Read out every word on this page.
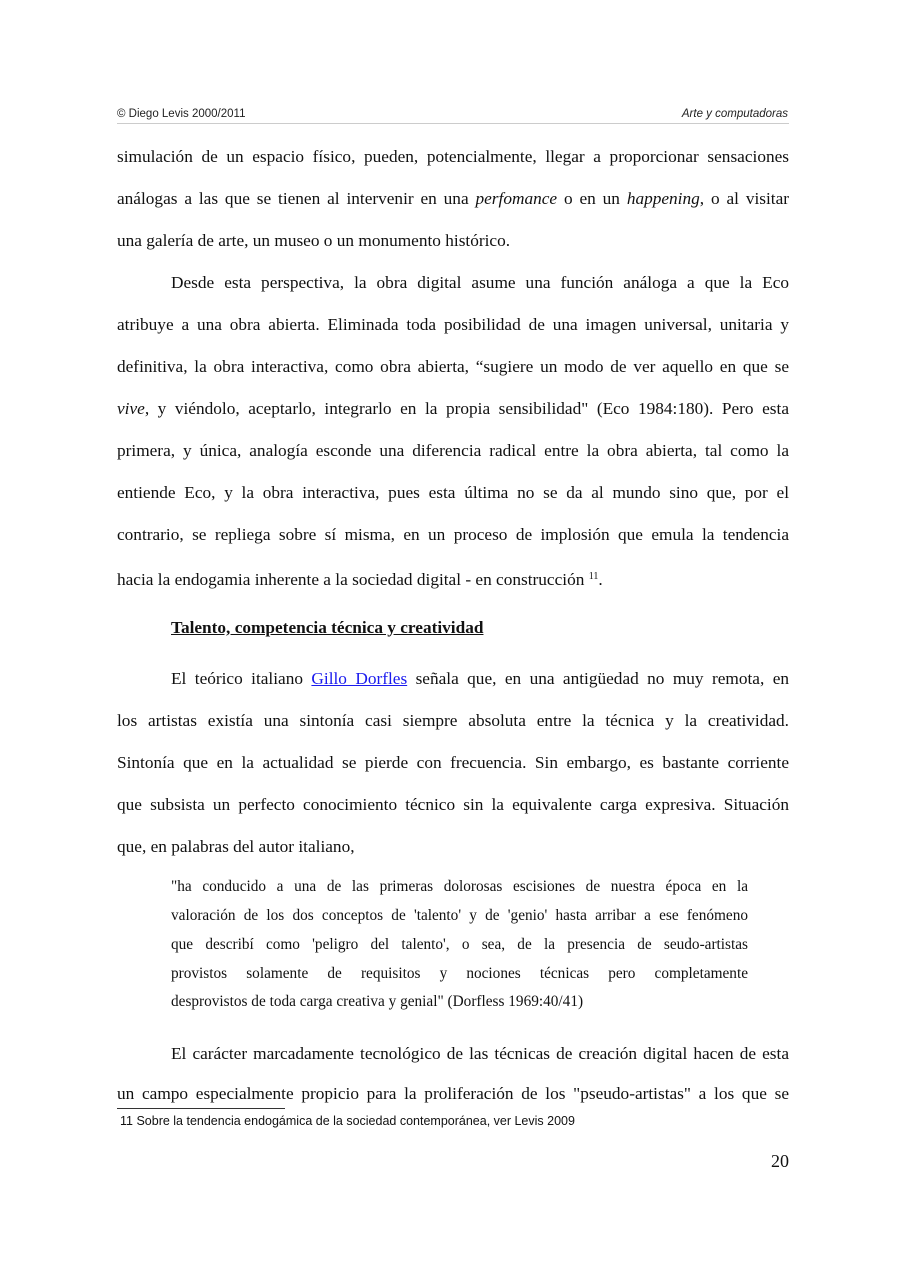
© Diego Levis 2000/2011	Arte y computadoras
simulación de un espacio físico, pueden, potencialmente, llegar a proporcionar sensaciones
análogas a las que se tienen al intervenir en una perfomance o en un happening, o al visitar
una galería de arte, un museo o un monumento histórico.
Desde esta perspectiva, la obra digital asume una función análoga a que la Eco
atribuye a una obra abierta. Eliminada toda posibilidad de una imagen universal, unitaria y
definitiva, la obra interactiva, como obra abierta, “sugiere un modo de ver aquello en que se
vive, y viéndolo, aceptarlo, integrarlo en la propia sensibilidad" (Eco 1984:180). Pero esta
primera, y única, analogía esconde una diferencia radical entre la obra abierta, tal como la
entiende Eco, y la obra interactiva, pues esta última no se da al mundo sino que, por el
contrario, se repliega sobre sí misma, en un proceso de implosión que emula la tendencia
hacia la endogamia inherente a la sociedad digital - en construcción $^{11}$.
Talento, competencia técnica y creatividad
El teórico italiano Gillo Dorfles señala que, en una antigüedad no muy remota, en
los artistas existía una sintonía casi siempre absoluta entre la técnica y la creatividad.
Sintonía que en la actualidad se pierde con frecuencia. Sin embargo, es bastante corriente
que subsista un perfecto conocimiento técnico sin la equivalente carga expresiva. Situación
que, en palabras del autor italiano,
"ha conducido a una de las primeras dolorosas escisiones de nuestra época en la
valoración de los dos conceptos de 'talento' y de 'genio' hasta arribar a ese fenómeno
que describí como 'peligro del talento', o sea, de la presencia de seudo-artistas
provistos solamente de requisitos y nociones técnicas pero completamente
desprovistos de toda carga creativa y genial" (Dorfless 1969:40/41)
El carácter marcadamente tecnológico de las técnicas de creación digital hacen de esta
un campo especialmente propicio para la proliferación de los "pseudo-artistas" a los que se
11 Sobre la tendencia endogámica de la sociedad contemporánea, ver Levis 2009
20
